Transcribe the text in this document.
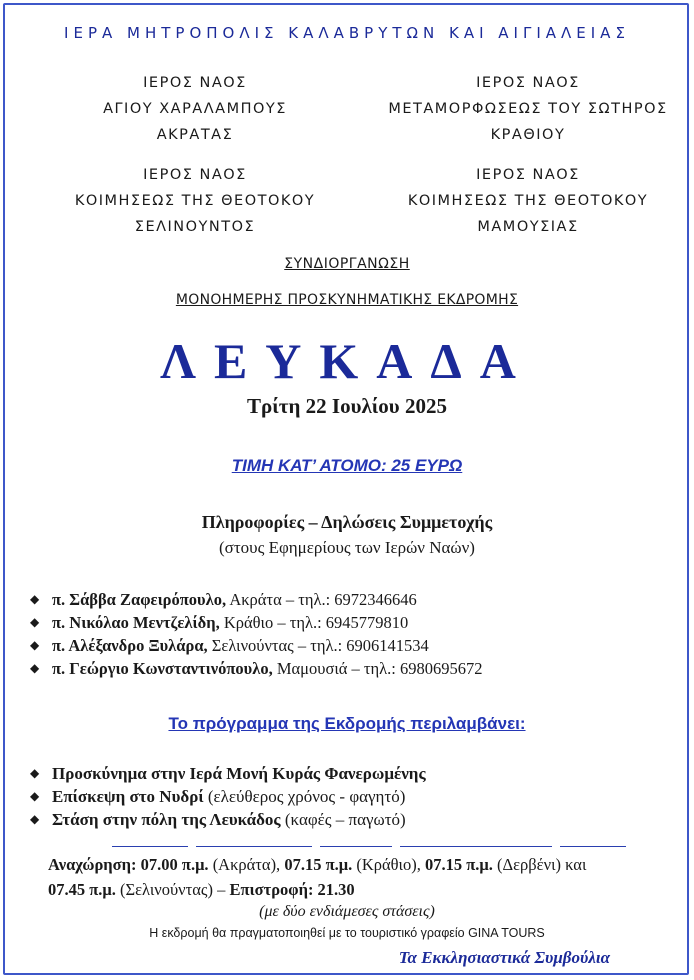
ΙΕΡΑ ΜΗΤΡΟΠΟΛΙΣ ΚΑΛΑΒΡΥΤΩΝ ΚΑΙ ΑΙΓΙΑΛΕΙΑΣ
ΙΕΡΟΣ ΝΑΟΣ
ΑΓΙΟΥ ΧΑΡΑΛΑΜΠΟΥΣ
ΑΚΡΑΤΑΣ
ΙΕΡΟΣ ΝΑΟΣ
ΜΕΤΑΜΟΡΦΩΣΕΩΣ ΤΟΥ ΣΩΤΗΡΟΣ
ΚΡΑΘΙΟΥ
ΙΕΡΟΣ ΝΑΟΣ
ΚΟΙΜΗΣΕΩΣ ΤΗΣ ΘΕΟΤΟΚΟΥ
ΣΕΛΙΝΟΥΝΤΟΣ
ΙΕΡΟΣ ΝΑΟΣ
ΚΟΙΜΗΣΕΩΣ ΤΗΣ ΘΕΟΤΟΚΟΥ
ΜΑΜΟΥΣΙΑΣ
ΣΥΝΔΙΟΡΓΑΝΩΣΗ
ΜΟΝΟΗΜΕΡΗΣ ΠΡΟΣΚΥΝΗΜΑΤΙΚΗΣ ΕΚΔΡΟΜΗΣ
ΛΕΥΚΑΔΑ
Τρίτη 22 Ιουλίου 2025
ΤΙΜΗ ΚΑΤ’ ΑΤΟΜΟ: 25 ΕΥΡΩ
Πληροφορίες – Δηλώσεις Συμμετοχής
(στους Εφημερίους των Ιερών Ναών)
◆ π. Σάββα Ζαφειρόπουλο, Ακράτα – τηλ.: 6972346646
◆ π. Νικόλαο Μεντζελίδη, Κράθιο – τηλ.: 6945779810
◆ π. Αλέξανδρο Ξυλάρα, Σελινούντας – τηλ.: 6906141534
◆ π. Γεώργιο Κωνσταντινόπουλο, Μαμουσιά – τηλ.: 6980695672
Το πρόγραμμα της Εκδρομής περιλαμβάνει:
◆ Προσκύνημα στην Ιερά Μονή Κυράς Φανερωμένης
◆ Επίσκεψη στο Νυδρί (ελεύθερος χρόνος - φαγητό)
◆ Στάση στην πόλη της Λευκάδος (καφές – παγωτό)
Αναχώρηση: 07.00 π.μ. (Ακράτα), 07.15 π.μ. (Κράθιο), 07.15 π.μ. (Δερβένι) και
07.45 π.μ. (Σελινούντας) – Επιστροφή: 21.30
(με δύο ενδιάμεσες στάσεις)
Η εκδρομή θα πραγματοποιηθεί με το τουριστικό γραφείο GINA TOURS
Τα Εκκλησιαστικά Συμβούλια
